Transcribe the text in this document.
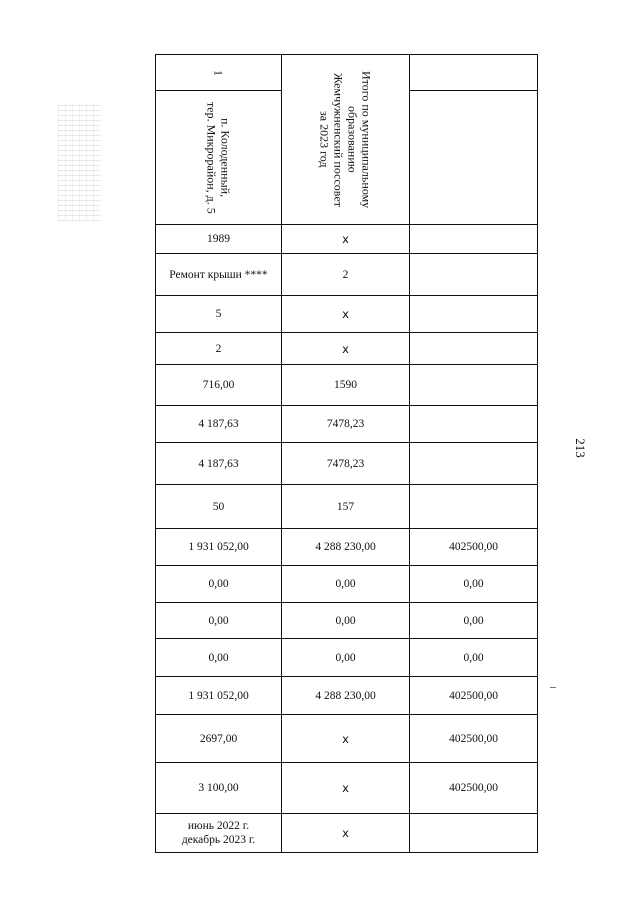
213
1	Итого по муниципальному
образованию
Жемчужненский поссовет
за 2023 год	

п. Колоденный,
тер. Микрорайон, д. 5		

1989	x	
Ремонт крыши ****	2	
5	x	
2	x	
716,00	1590	
4 187,63	7478,23	
4 187,63	7478,23	
50	157	
1 931 052,00	4 288 230,00	402500,00
0,00	0,00	0,00
0,00	0,00	0,00
0,00	0,00	0,00
1 931 052,00	4 288 230,00	402500,00
2697,00	x	402500,00
3 100,00	x	402500,00
июнь 2022 г.
декабрь 2023 г.	x	
